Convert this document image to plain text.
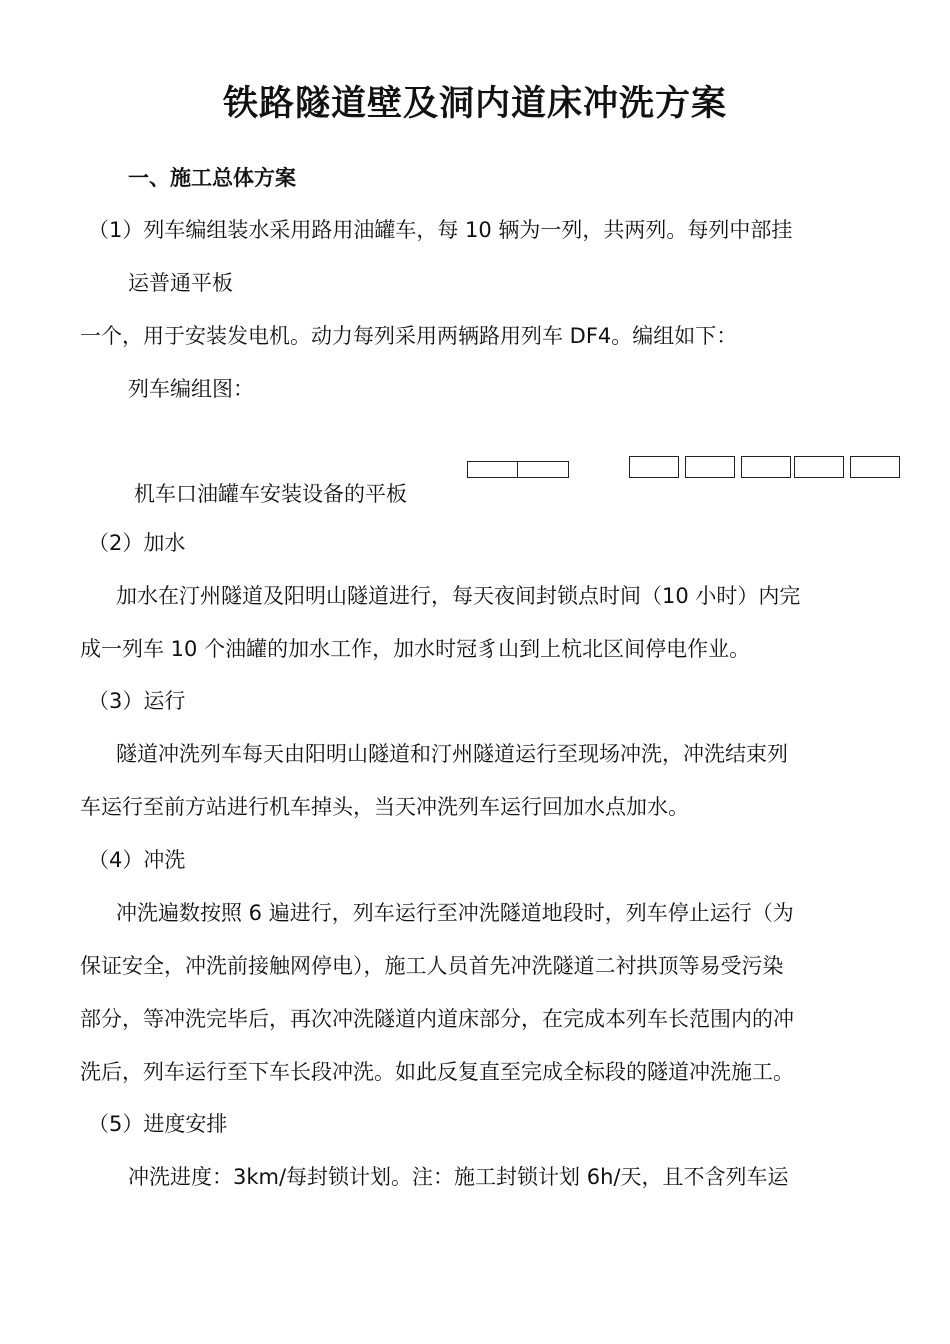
铁路隧道壁及洞内道床冲洗方案
一、施工总体方案
（1）列车编组装水采用路用油罐车，每 10 辆为一列，共两列。每列中部挂
运普通平板
一个，用于安装发电机。动力每列采用两辆路用列车 DF4。编组如下：
列车编组图：
机车口油罐车安装设备的平板
（2）加水
加水在汀州隧道及阳明山隧道进行，每天夜间封锁点时间（10 小时）内完
成一列车 10 个油罐的加水工作，加水时冠豸山到上杭北区间停电作业。
（3）运行
隧道冲洗列车每天由阳明山隧道和汀州隧道运行至现场冲洗，冲洗结束列
车运行至前方站进行机车掉头，当天冲洗列车运行回加水点加水。
（4）冲洗
冲洗遍数按照 6 遍进行，列车运行至冲洗隧道地段时，列车停止运行（为
保证安全，冲洗前接触网停电），施工人员首先冲洗隧道二衬拱顶等易受污染
部分，等冲洗完毕后，再次冲洗隧道内道床部分，在完成本列车长范围内的冲
洗后，列车运行至下车长段冲洗。如此反复直至完成全标段的隧道冲洗施工。
（5）进度安排
冲洗进度：3km/每封锁计划。注：施工封锁计划 6h/天，且不含列车运
